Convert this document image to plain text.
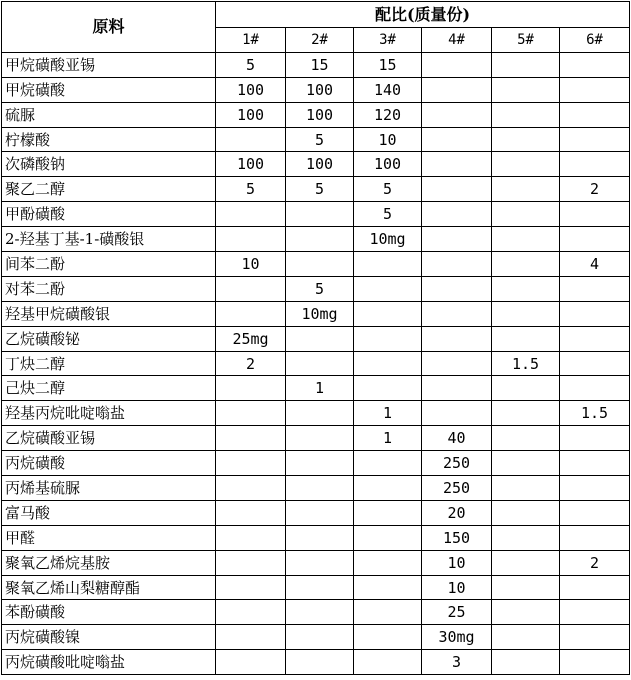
原料	配比(质量份)					
	1#	2#	3#	4#	5#	6#
甲烷磺酸亚锡	5	15	15			
甲烷磺酸	100	100	140			
硫脲	100	100	120			
柠檬酸		5	10			
次磷酸钠	100	100	100			
聚乙二醇	5	5	5			2
甲酚磺酸			5			
2-羟基丁基-1-磺酸银			10mg			
间苯二酚	10					4
对苯二酚		5				
羟基甲烷磺酸银		10mg				
乙烷磺酸铋	25mg					
丁炔二醇	2				1.5	
己炔二醇		1				
羟基丙烷吡啶嗡盐			1			1.5
乙烷磺酸亚锡			1	40		
丙烷磺酸				250		
丙烯基硫脲				250		
富马酸				20		
甲醛				150		
聚氧乙烯烷基胺				10		2
聚氧乙烯山梨糖醇酯				10		
苯酚磺酸				25		
丙烷磺酸镍				30mg		
丙烷磺酸吡啶嗡盐				3		
